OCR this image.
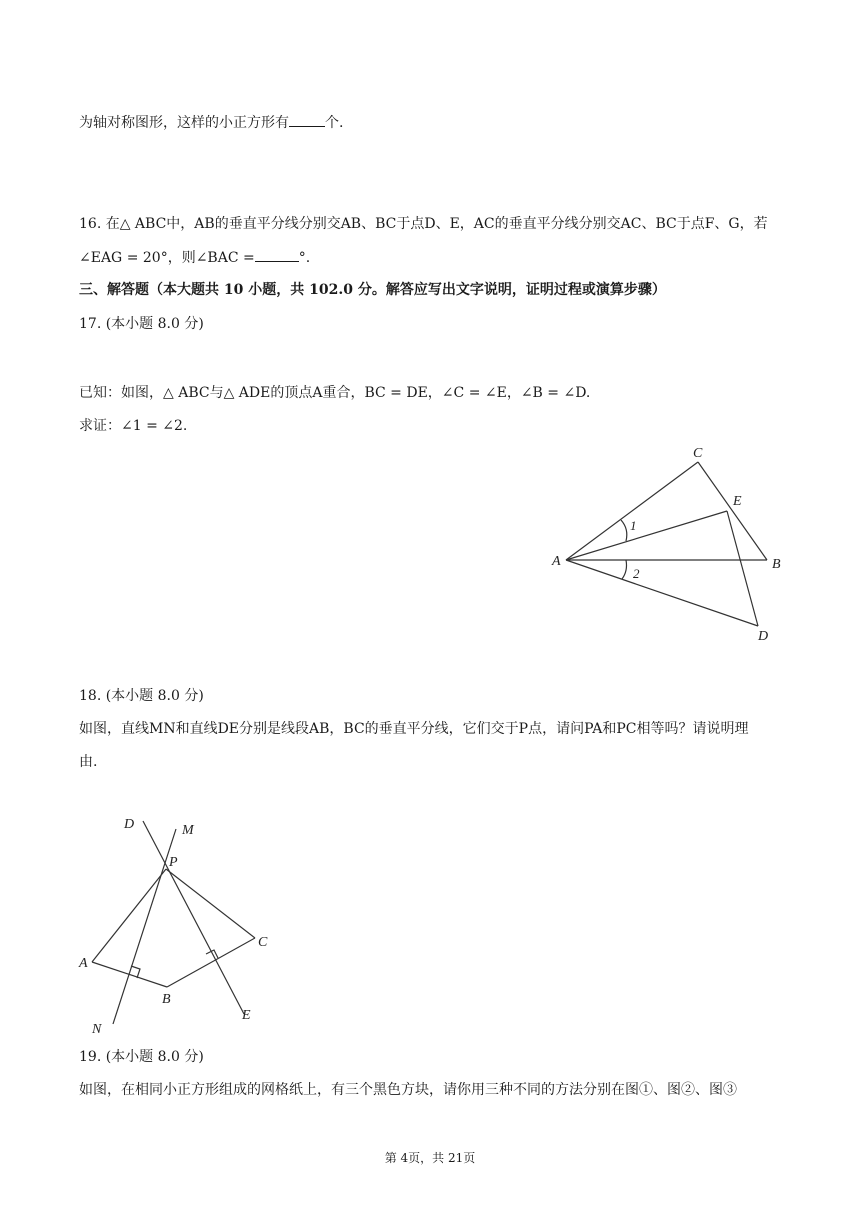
为轴对称图形，这样的小正方形有	个.
16. 在△ ABC中，AB的垂直平分线分别交AB、BC于点D、E，AC的垂直平分线分别交AC、BC于点F、G，若
∠EAG = 20°，则∠BAC =	°.
三、解答题（本大题共 10 小题，共 102.0 分。解答应写出文字说明，证明过程或演算步骤）
17. (本小题 8.0 分)
已知：如图，△ ABC与△ ADE的顶点A重合，BC = DE，∠C = ∠E，∠B = ∠D.
求证：∠1 = ∠2.
A	B
C
D
E
1
2
18. (本小题 8.0 分)
如图，直线MN和直线DE分别是线段AB，BC的垂直平分线，它们交于P点，请问PA和PC相等吗？请说明理
由.
D	M
P
C
A
B
N
E
19. (本小题 8.0 分)
如图，在相同小正方形组成的网格纸上，有三个黑色方块，请你用三种不同的方法分别在图①、图②、图③
第 4页，共 21页
